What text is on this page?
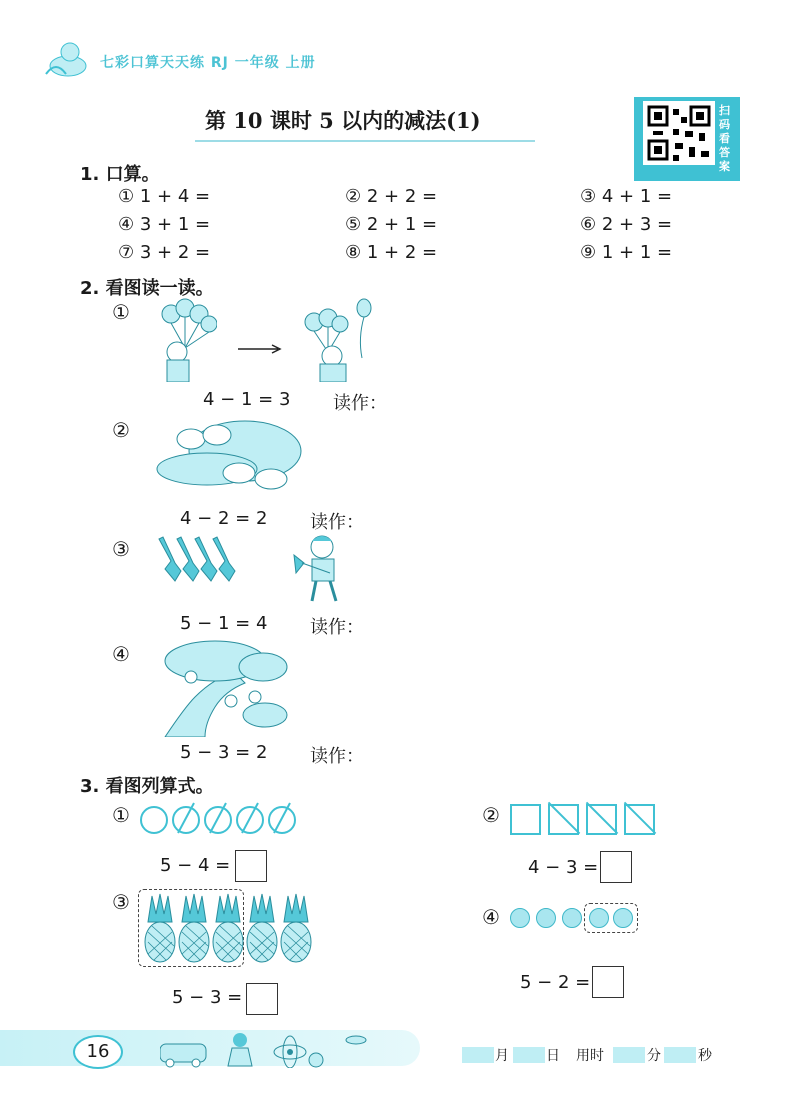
七彩口算天天练 RJ 一年级 上册
第 10 课时 5 以内的减法(1)	扫码看答案
1. 口算。
① 1 + 4 =	② 2 + 2 =	③ 4 + 1 =
④ 3 + 1 =	⑤ 2 + 1 =	⑥ 2 + 3 =
⑦ 3 + 2 =	⑧ 1 + 2 =	⑨ 1 + 1 =
2. 看图读一读。
①
4 − 1 = 3 读作：
②
4 − 2 = 2 读作：
③
5 − 1 = 4 读作：
④
5 − 3 = 2 读作：
3. 看图列算式。
①
5 − 4 =
②
4 − 3 =
③
5 − 3 =
④
5 − 2 =
16	月	日 用时	分	秒
